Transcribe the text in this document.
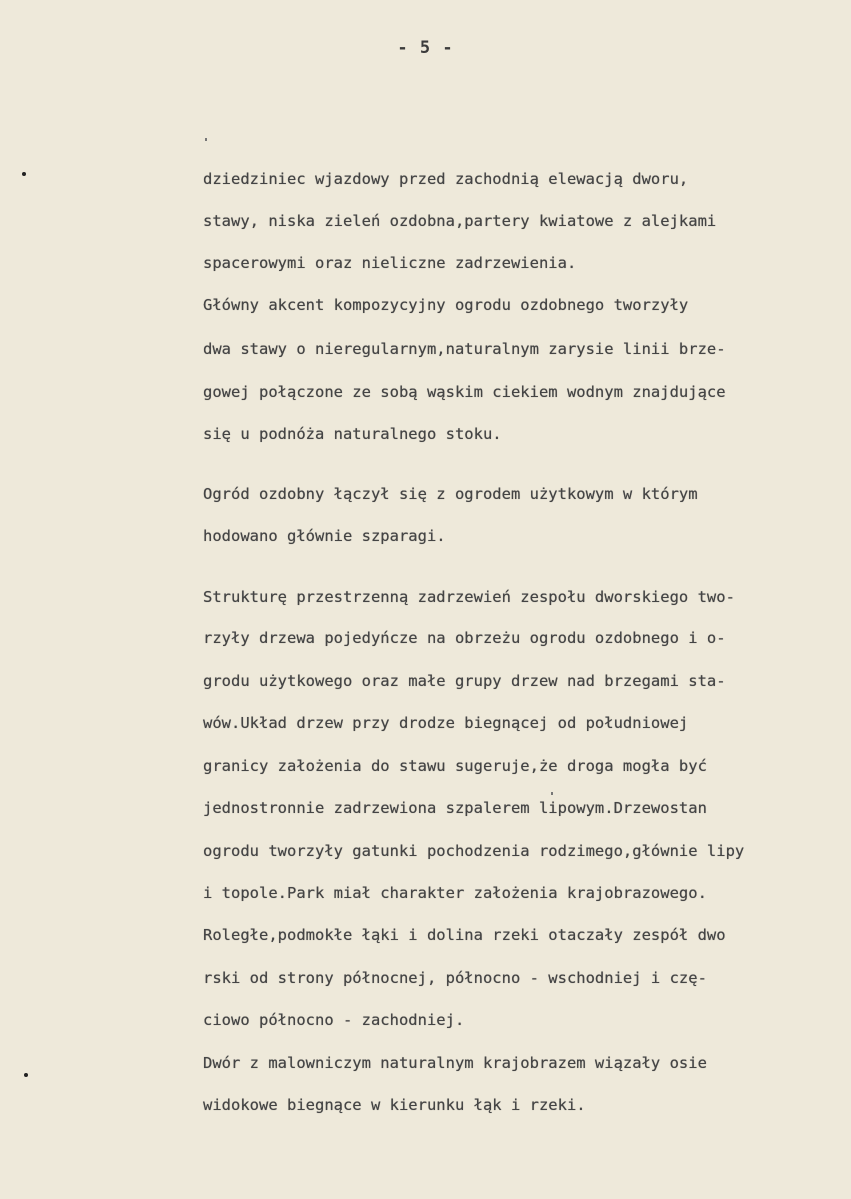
- 5 -
dziedziniec wjazdowy przed zachodnią elewacją dworu,
stawy, niska zieleń ozdobna,partery kwiatowe z alejkami
spacerowymi oraz nieliczne zadrzewienia.
Główny akcent kompozycyjny ogrodu ozdobnego tworzyły
dwa stawy o nieregularnym,naturalnym zarysie linii brze-
gowej połączone ze sobą wąskim ciekiem wodnym znajdujące
się u podnóża naturalnego stoku.
Ogród ozdobny łączył się z ogrodem użytkowym w którym
hodowano głównie szparagi.
Strukturę przestrzenną zadrzewień zespołu dworskiego two-
rzyły drzewa pojedyńcze na obrzeżu ogrodu ozdobnego i o-
grodu użytkowego oraz małe grupy drzew nad brzegami sta-
wów.Układ drzew przy drodze biegnącej od południowej
granicy założenia do stawu sugeruje,że droga mogła być
jednostronnie zadrzewiona szpalerem lipowym.Drzewostan
ogrodu tworzyły gatunki pochodzenia rodzimego,głównie lipy
i topole.Park miał charakter założenia krajobrazowego.
Roległe,podmokłe łąki i dolina rzeki otaczały zespół dwo
rski od strony północnej, północno - wschodniej i czę-
ciowo północno - zachodniej.
Dwór z malowniczym naturalnym krajobrazem wiązały osie
widokowe biegnące w kierunku łąk i rzeki.
